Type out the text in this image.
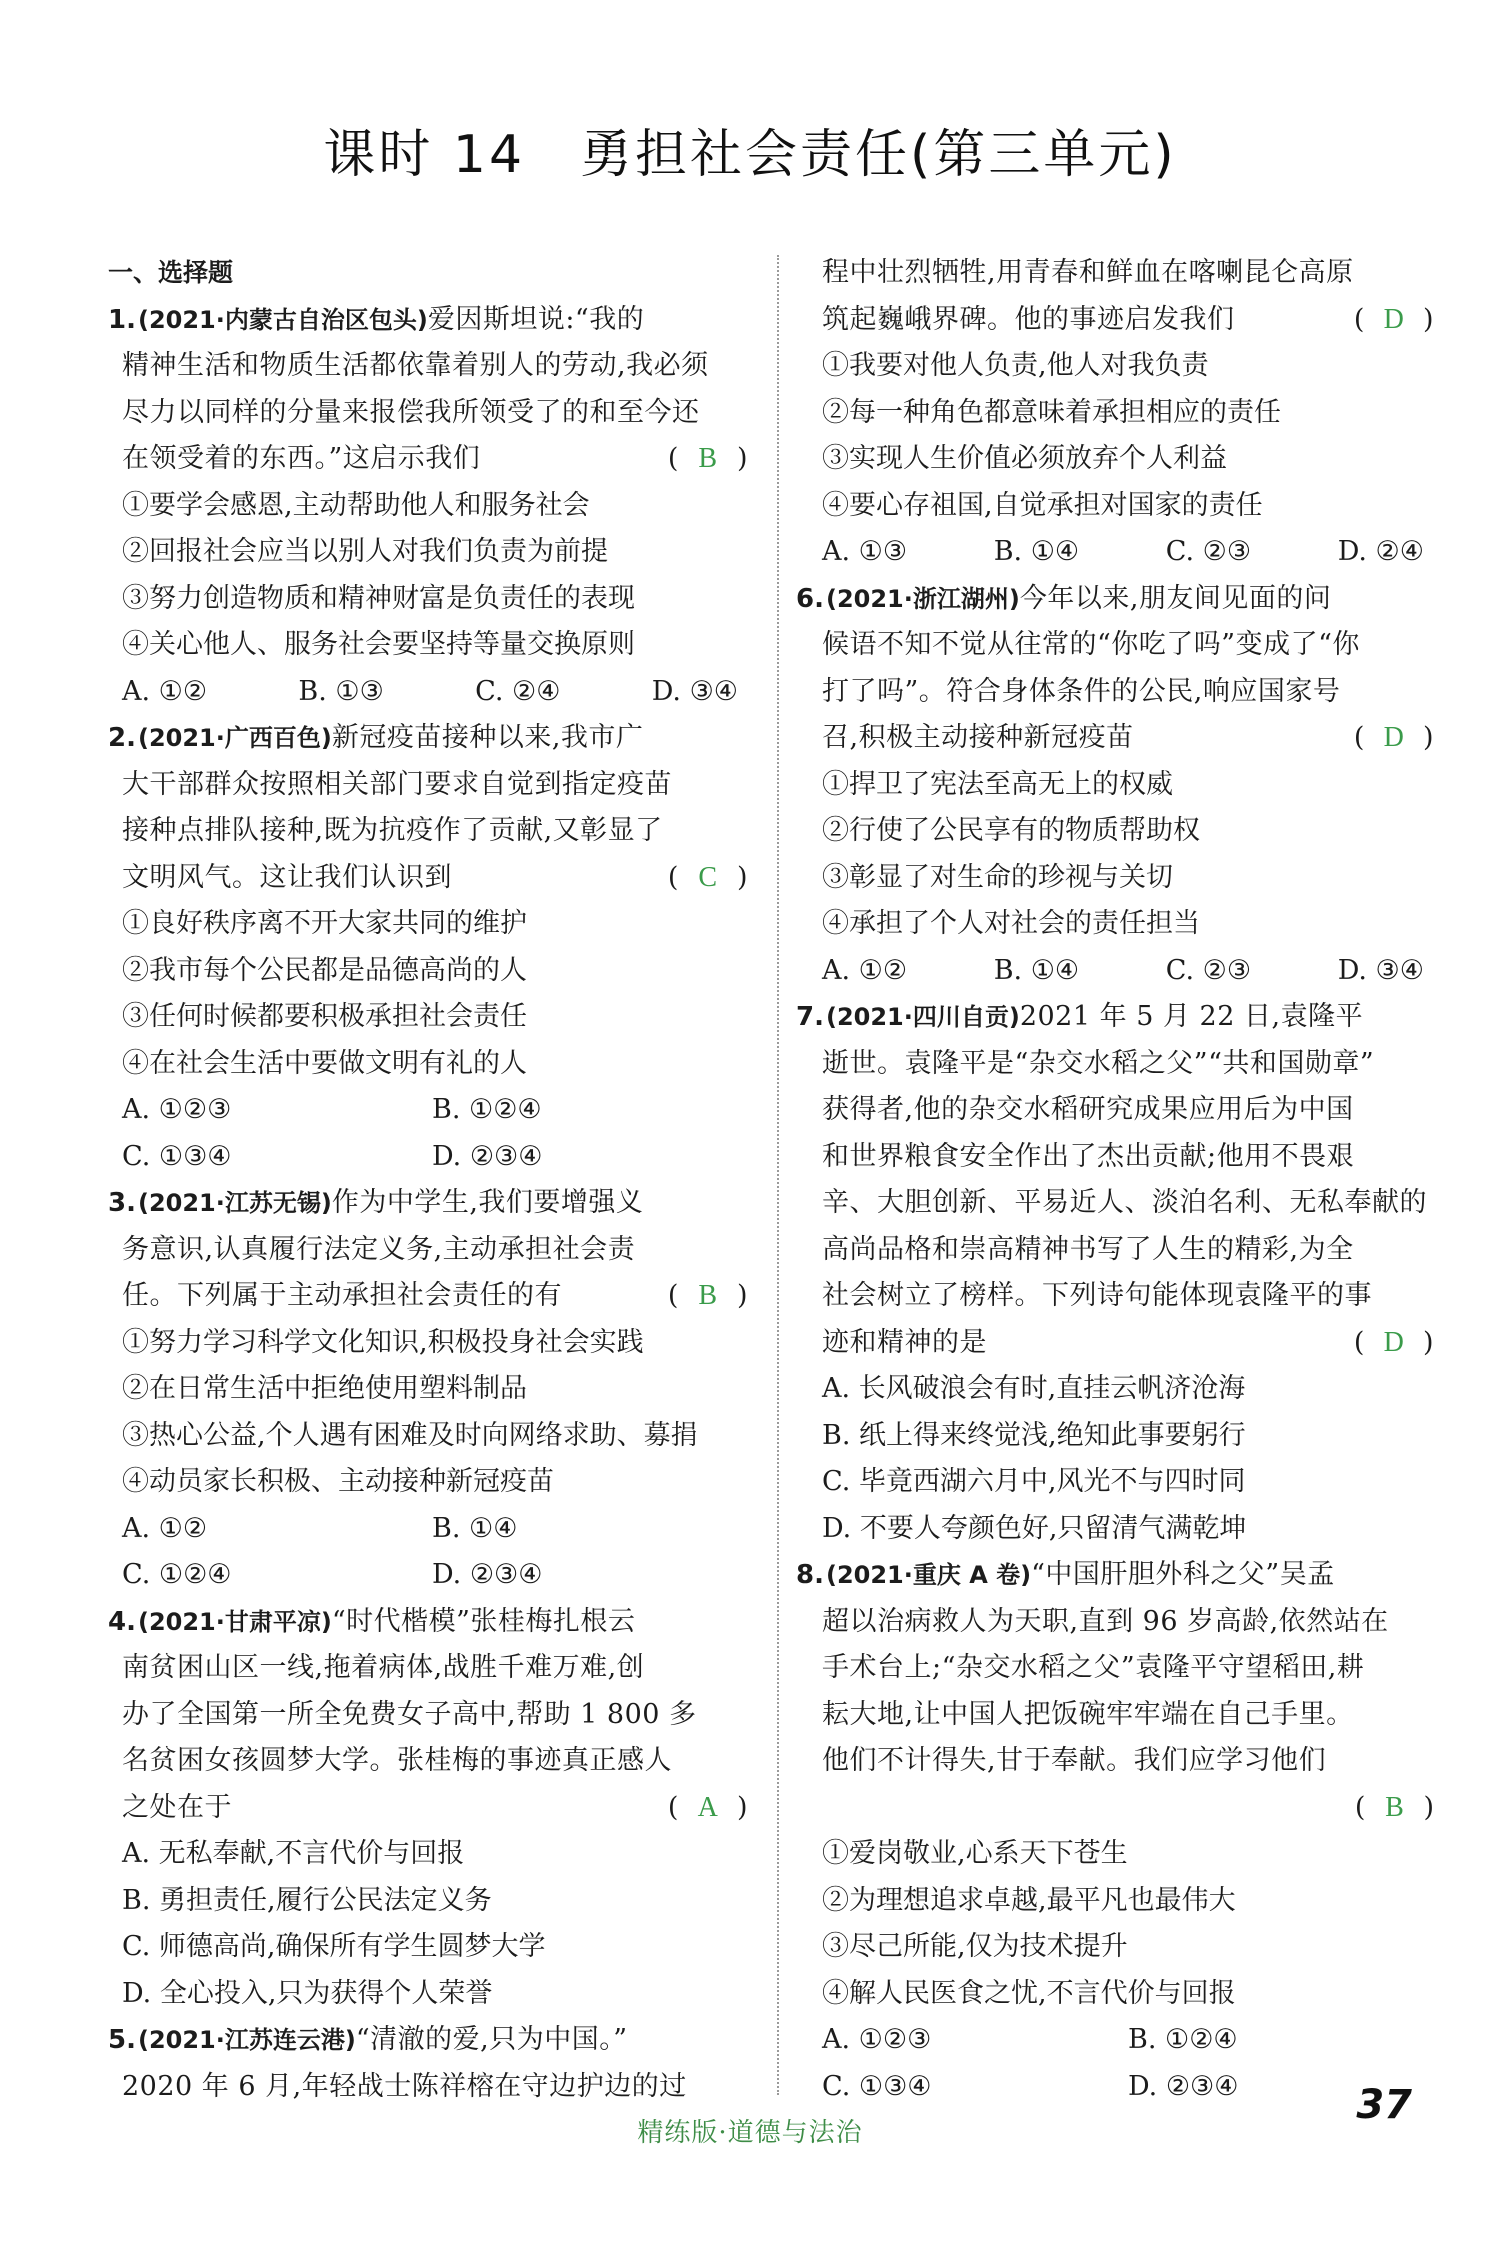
课时 14　勇担社会责任(第三单元)
一、选择题
1.(2021·内蒙古自治区包头)爱因斯坦说:“我的
精神生活和物质生活都依靠着别人的劳动,我必须
尽力以同样的分量来报偿我所领受了的和至今还
在领受着的东西。”这启示我们	( B )
①要学会感恩,主动帮助他人和服务社会
②回报社会应当以别人对我们负责为前提
③努力创造物质和精神财富是负责任的表现
④关心他人、服务社会要坚持等量交换原则
A. ①②	B. ①③	C. ②④	D. ③④
2.(2021·广西百色)新冠疫苗接种以来,我市广
大干部群众按照相关部门要求自觉到指定疫苗
接种点排队接种,既为抗疫作了贡献,又彰显了
文明风气。这让我们认识到	( C )
①良好秩序离不开大家共同的维护
②我市每个公民都是品德高尚的人
③任何时候都要积极承担社会责任
④在社会生活中要做文明有礼的人
A. ①②③	B. ①②④
C. ①③④	D. ②③④
3.(2021·江苏无锡)作为中学生,我们要增强义
务意识,认真履行法定义务,主动承担社会责
任。下列属于主动承担社会责任的有	( B )
①努力学习科学文化知识,积极投身社会实践
②在日常生活中拒绝使用塑料制品
③热心公益,个人遇有困难及时向网络求助、募捐
④动员家长积极、主动接种新冠疫苗
A. ①②	B. ①④
C. ①②④	D. ②③④
4.(2021·甘肃平凉)“时代楷模”张桂梅扎根云
南贫困山区一线,拖着病体,战胜千难万难,创
办了全国第一所全免费女子高中,帮助 1 800 多
名贫困女孩圆梦大学。张桂梅的事迹真正感人
之处在于	( A )
A. 无私奉献,不言代价与回报
B. 勇担责任,履行公民法定义务
C. 师德高尚,确保所有学生圆梦大学
D. 全心投入,只为获得个人荣誉
5.(2021·江苏连云港)“清澈的爱,只为中国。”
2020 年 6 月,年轻战士陈祥榕在守边护边的过
程中壮烈牺牲,用青春和鲜血在喀喇昆仑高原
筑起巍峨界碑。他的事迹启发我们	( D )
①我要对他人负责,他人对我负责
②每一种角色都意味着承担相应的责任
③实现人生价值必须放弃个人利益
④要心存祖国,自觉承担对国家的责任
A. ①③	B. ①④	C. ②③	D. ②④
6.(2021·浙江湖州)今年以来,朋友间见面的问
候语不知不觉从往常的“你吃了吗”变成了“你
打了吗”。符合身体条件的公民,响应国家号
召,积极主动接种新冠疫苗	( D )
①捍卫了宪法至高无上的权威
②行使了公民享有的物质帮助权
③彰显了对生命的珍视与关切
④承担了个人对社会的责任担当
A. ①②	B. ①④	C. ②③	D. ③④
7.(2021·四川自贡)2021 年 5 月 22 日,袁隆平
逝世。袁隆平是“杂交水稻之父”“共和国勋章”
获得者,他的杂交水稻研究成果应用后为中国
和世界粮食安全作出了杰出贡献;他用不畏艰
辛、大胆创新、平易近人、淡泊名利、无私奉献的
高尚品格和崇高精神书写了人生的精彩,为全
社会树立了榜样。下列诗句能体现袁隆平的事
迹和精神的是	( D )
A. 长风破浪会有时,直挂云帆济沧海
B. 纸上得来终觉浅,绝知此事要躬行
C. 毕竟西湖六月中,风光不与四时同
D. 不要人夸颜色好,只留清气满乾坤
8.(2021·重庆 A 卷)“中国肝胆外科之父”吴孟
超以治病救人为天职,直到 96 岁高龄,依然站在
手术台上;“杂交水稻之父”袁隆平守望稻田,耕
耘大地,让中国人把饭碗牢牢端在自己手里。
他们不计得失,甘于奉献。我们应学习他们
( B )
①爱岗敬业,心系天下苍生
②为理想追求卓越,最平凡也最伟大
③尽己所能,仅为技术提升
④解人民医食之忧,不言代价与回报
A. ①②③	B. ①②④
C. ①③④	D. ②③④
精练版·道德与法治
37
